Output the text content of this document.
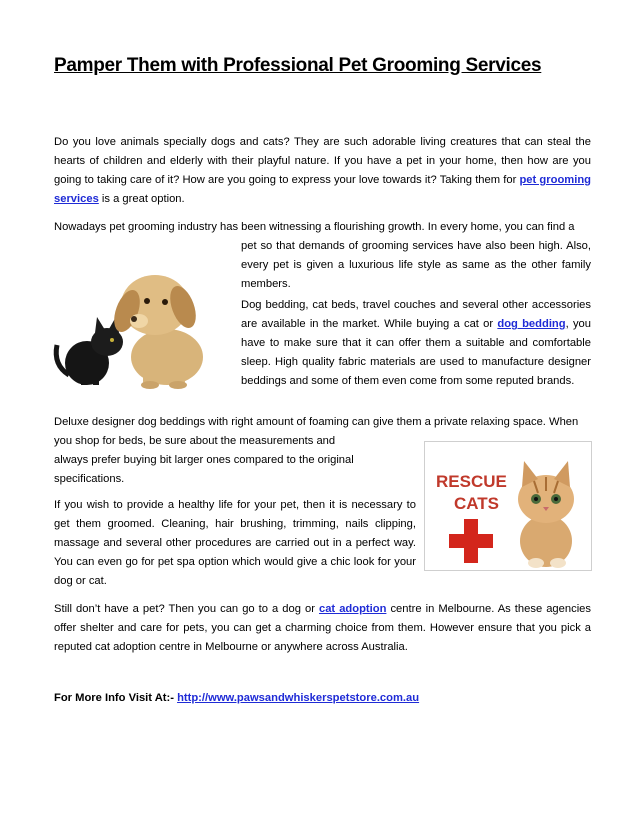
Pamper Them with Professional Pet Grooming Services

Do you love animals specially dogs and cats? They are such adorable living creatures that can steal the hearts of children and elderly with their playful nature. If you have a pet in your home, then how are you going to taking care of it? How are you going to express your love towards it? Taking them for pet grooming services is a great option.

Nowadays pet grooming industry has been witnessing a flourishing growth. In every home, you can find a

pet so that demands of grooming services have also been high. Also, every pet is given a luxurious life style as same as the other family members.

Dog bedding, cat beds, travel couches and several other accessories are available in the market. While buying a cat or dog bedding, you have to make sure that it can offer them a suitable and comfortable sleep. High quality fabric materials are used to manufacture designer beddings and some of them even come from some reputed brands.

Deluxe designer dog beddings with right amount of foaming can give them a private relaxing space. When

you shop for beds, be sure about the measurements and always prefer buying bit larger ones compared to the original specifications.	RESCUE
CATS

If you wish to provide a healthy life for your pet, then it is necessary to get them groomed. Cleaning, hair brushing, trimming, nails clipping, massage and several other procedures are carried out in a perfect way. You can even go for pet spa option which would give a chic look for your dog or cat.

Still don’t have a pet? Then you can go to a dog or cat adoption centre in Melbourne. As these agencies offer shelter and care for pets, you can get a charming choice from them. However ensure that you pick a reputed cat adoption centre in Melbourne or anywhere across Australia.

For More Info Visit At:- http://www.pawsandwhiskerspetstore.com.au
